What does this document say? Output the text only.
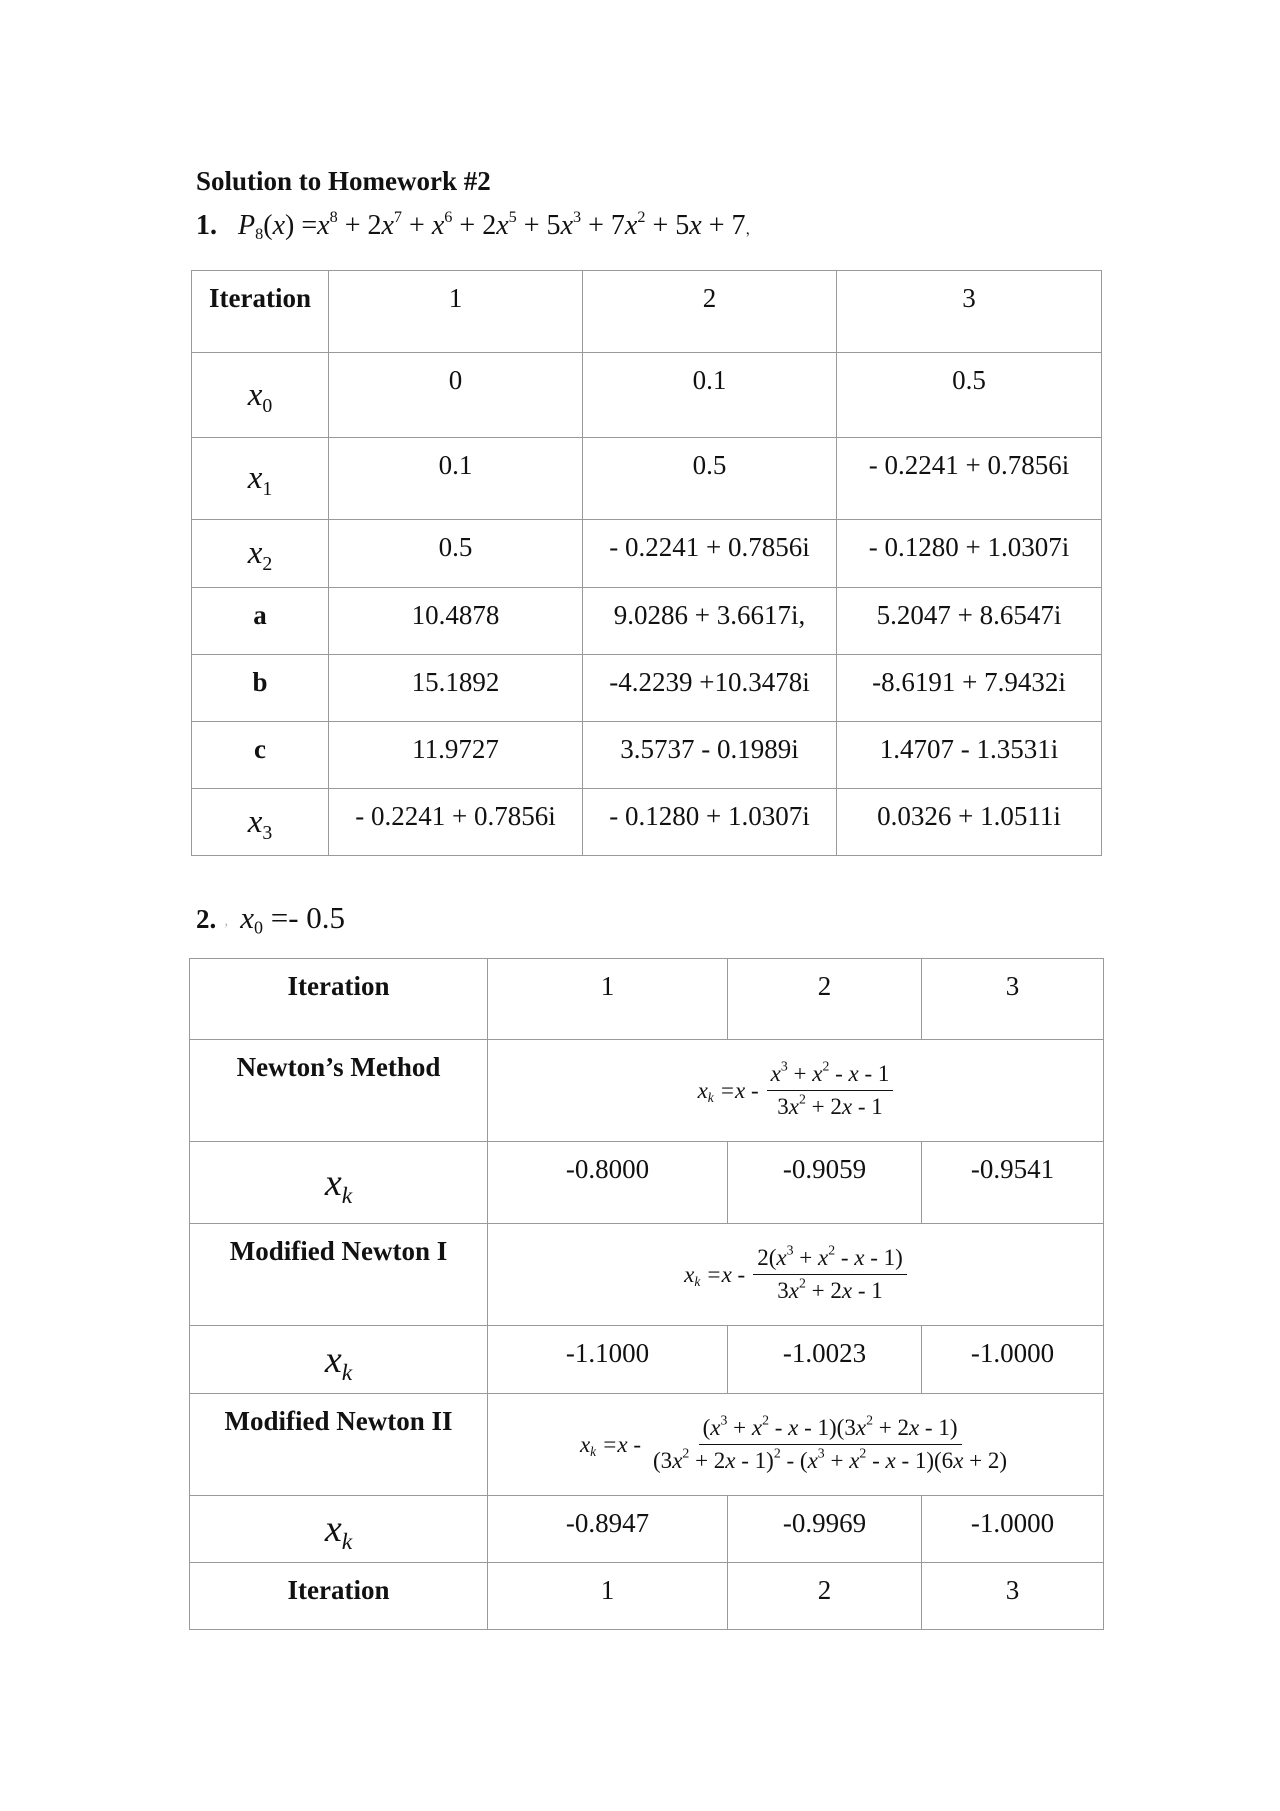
Solution to Homework #2
1. $P_8(x) =x^8 + 2x^7 + x^6 + 2x^5 + 5x^3 + 7x^2 + 5x + 7$，
Iteration	1	2	3
$x_0$	0	0.1	0.5
$x_1$	0.1	0.5	- 0.2241 + 0.7856i
$x_2$	0.5	- 0.2241 + 0.7856i	- 0.1280 + 1.0307i
a	10.4878	9.0286 + 3.6617i,	5.2047 + 8.6547i
b	15.1892	-4.2239 +10.3478i	-8.6191 + 7.9432i
c	11.9727	3.5737 - 0.1989i	1.4707 - 1.3531i
$x_3$	- 0.2241 + 0.7856i	- 0.1280 + 1.0307i	0.0326 + 1.0511i
2. , $x_0 =- 0.5$
Iteration	1	2	3
Newton’s Method	$x_k =x - \frac{x^3 + x^2 - x - 1}{3x^2 + 2x - 1}$

$x_k$	-0.8000	-0.9059	-0.9541
Modified Newton I	$x_k =x - \frac{2(x^3 + x^2 - x - 1)}{3x^2 + 2x - 1}$

$x_k$	-1.1000	-1.0023	-1.0000
Modified Newton II	$x_k =x - \frac{(x^3 + x^2 - x - 1)(3x^2 + 2x - 1)}{(3x^2 + 2x - 1)^2 - (x^3 + x^2 - x - 1)(6x + 2)}$

$x_k$	-0.8947	-0.9969	-1.0000
Iteration	1	2	3
